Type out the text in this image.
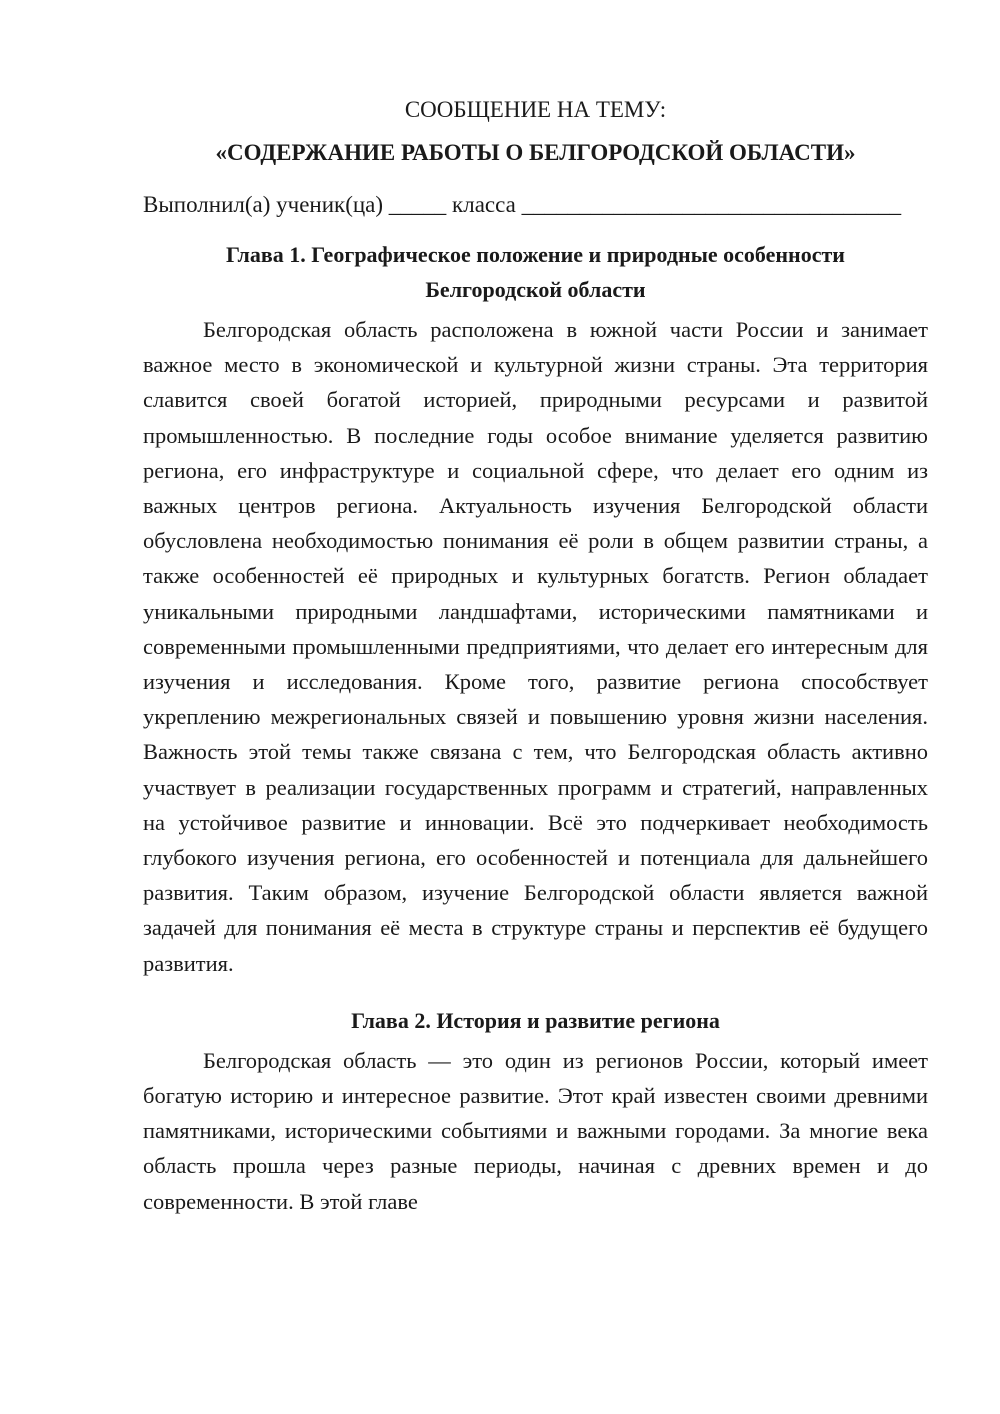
СООБЩЕНИЕ НА ТЕМУ:

«СОДЕРЖАНИЕ РАБОТЫ О БЕЛГОРОДСКОЙ ОБЛАСТИ»

Выполнил(а) ученик(ца) _____ класса _________________________________

Глава 1. Географическое положение и природные особенности
Белгородской области

Белгородская область расположена в южной части России и занимает важное место в экономической и культурной жизни страны. Эта территория славится своей богатой историей, природными ресурсами и развитой промышленностью. В последние годы особое внимание уделяется развитию региона, его инфраструктуре и социальной сфере, что делает его одним из важных центров региона. Актуальность изучения Белгородской области обусловлена необходимостью понимания её роли в общем развитии страны, а также особенностей её природных и культурных богатств. Регион обладает уникальными природными ландшафтами, историческими памятниками и современными промышленными предприятиями, что делает его интересным для изучения и исследования. Кроме того, развитие региона способствует укреплению межрегиональных связей и повышению уровня жизни населения. Важность этой темы также связана с тем, что Белгородская область активно участвует в реализации государственных программ и стратегий, направленных на устойчивое развитие и инновации. Всё это подчеркивает необходимость глубокого изучения региона, его особенностей и потенциала для дальнейшего развития. Таким образом, изучение Белгородской области является важной задачей для понимания её места в структуре страны и перспектив её будущего развития.

Глава 2. История и развитие региона

Белгородская область — это один из регионов России, который имеет богатую историю и интересное развитие. Этот край известен своими древними памятниками, историческими событиями и важными городами. За многие века область прошла через разные периоды, начиная с древних времен и до современности. В этой главе
